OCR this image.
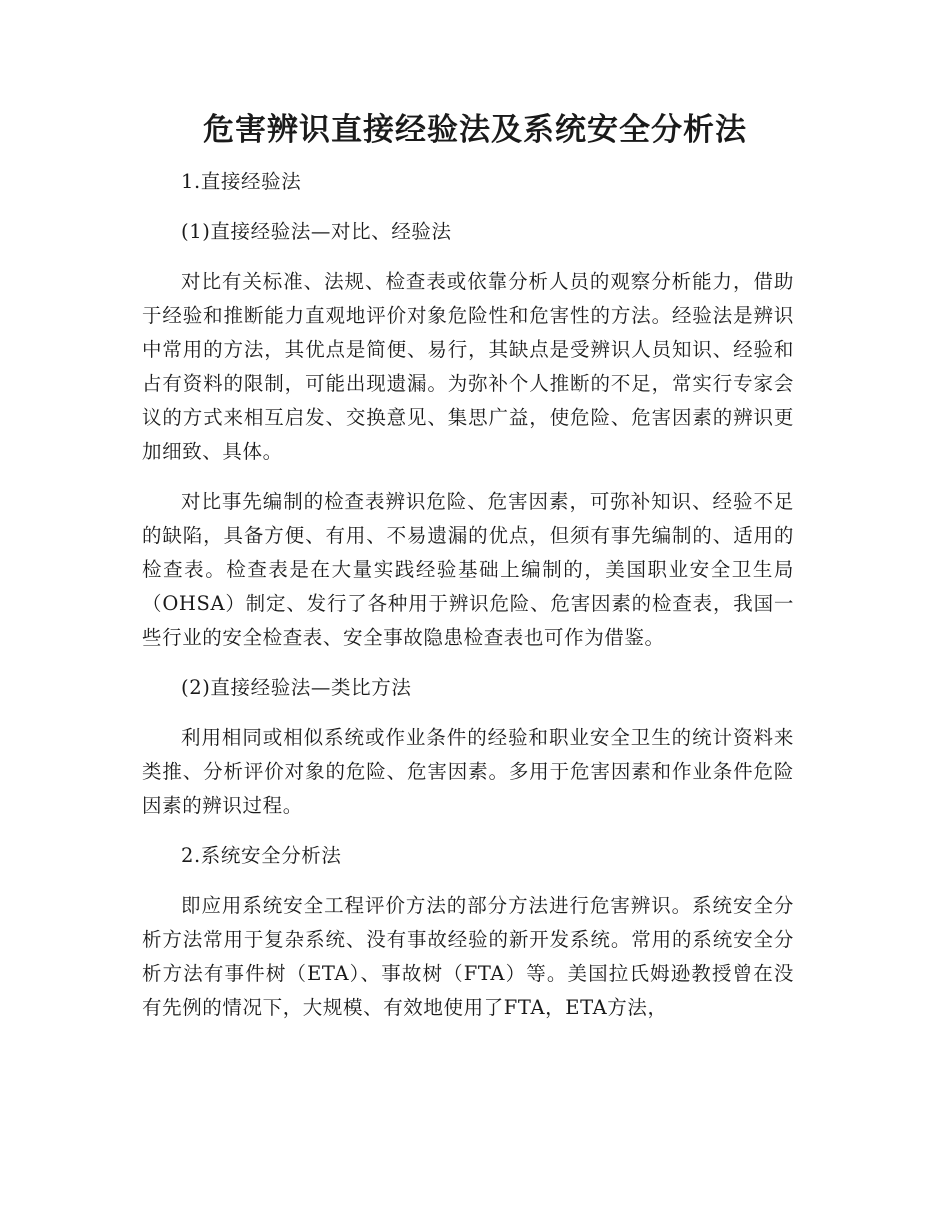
危害辨识直接经验法及系统安全分析法

1.直接经验法

(1)直接经验法—对比、经验法

对比有关标准、法规、检查表或依靠分析人员的观察分析能力，借助于经验和推断能力直观地评价对象危险性和危害性的方法。经验法是辨识中常用的方法，其优点是简便、易行，其缺点是受辨识人员知识、经验和占有资料的限制，可能出现遗漏。为弥补个人推断的不足，常实行专家会议的方式来相互启发、交换意见、集思广益，使危险、危害因素的辨识更加细致、具体。

对比事先编制的检查表辨识危险、危害因素，可弥补知识、经验不足的缺陷，具备方便、有用、不易遗漏的优点，但须有事先编制的、适用的检查表。检查表是在大量实践经验基础上编制的，美国职业安全卫生局（OHSA）制定、发行了各种用于辨识危险、危害因素的检查表，我国一些行业的安全检查表、安全事故隐患检查表也可作为借鉴。

(2)直接经验法—类比方法

利用相同或相似系统或作业条件的经验和职业安全卫生的统计资料来类推、分析评价对象的危险、危害因素。多用于危害因素和作业条件危险因素的辨识过程。

2.系统安全分析法

即应用系统安全工程评价方法的部分方法进行危害辨识。系统安全分析方法常用于复杂系统、没有事故经验的新开发系统。常用的系统安全分析方法有事件树（ETA）、事故树（FTA）等。美国拉氏姆逊教授曾在没有先例的情况下，大规模、有效地使用了FTA，ETA方法，
